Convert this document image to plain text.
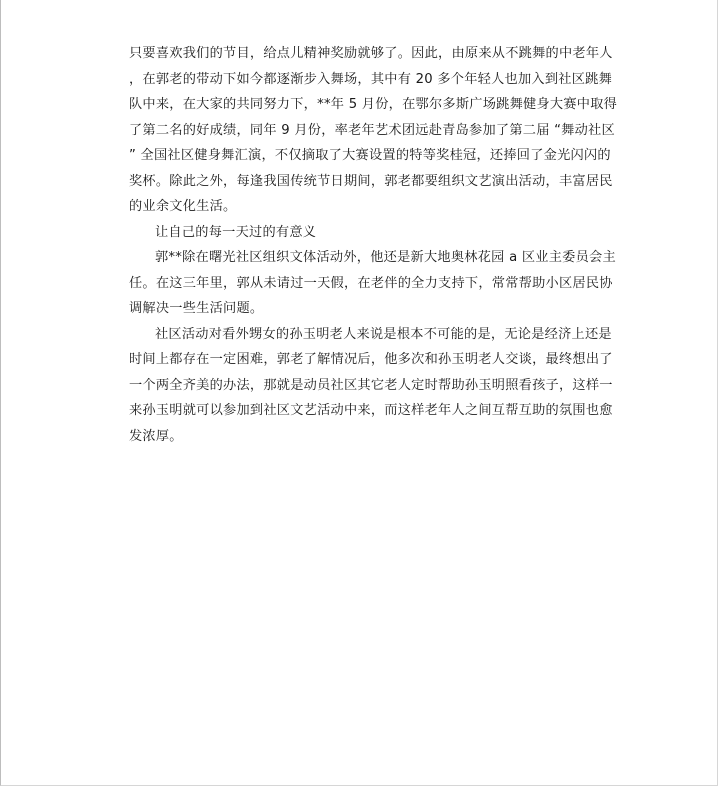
只要喜欢我们的节目，给点儿精神奖励就够了。因此，由原来从不跳舞的中老年人
，在郭老的带动下如今都逐渐步入舞场，其中有 20 多个年轻人也加入到社区跳舞
队中来，在大家的共同努力下，**年 5 月份，在鄂尔多斯广场跳舞健身大赛中取得
了第二名的好成绩，同年 9 月份，率老年艺术团远赴青岛参加了第二届 “舞动社区
” 全国社区健身舞汇演，不仅摘取了大赛设置的特等奖桂冠，还捧回了金光闪闪的
奖杯。除此之外，每逢我国传统节日期间，郭老都要组织文艺演出活动，丰富居民
的业余文化生活。
让自己的每一天过的有意义
郭**除在曙光社区组织文体活动外，他还是新大地奥林花园 a 区业主委员会主
任。在这三年里，郭从未请过一天假，在老伴的全力支持下，常常帮助小区居民协
调解决一些生活问题。
社区活动对看外甥女的孙玉明老人来说是根本不可能的是，无论是经济上还是
时间上都存在一定困难，郭老了解情况后，他多次和孙玉明老人交谈，最终想出了
一个两全齐美的办法，那就是动员社区其它老人定时帮助孙玉明照看孩子，这样一
来孙玉明就可以参加到社区文艺活动中来，而这样老年人之间互帮互助的氛围也愈
发浓厚。
